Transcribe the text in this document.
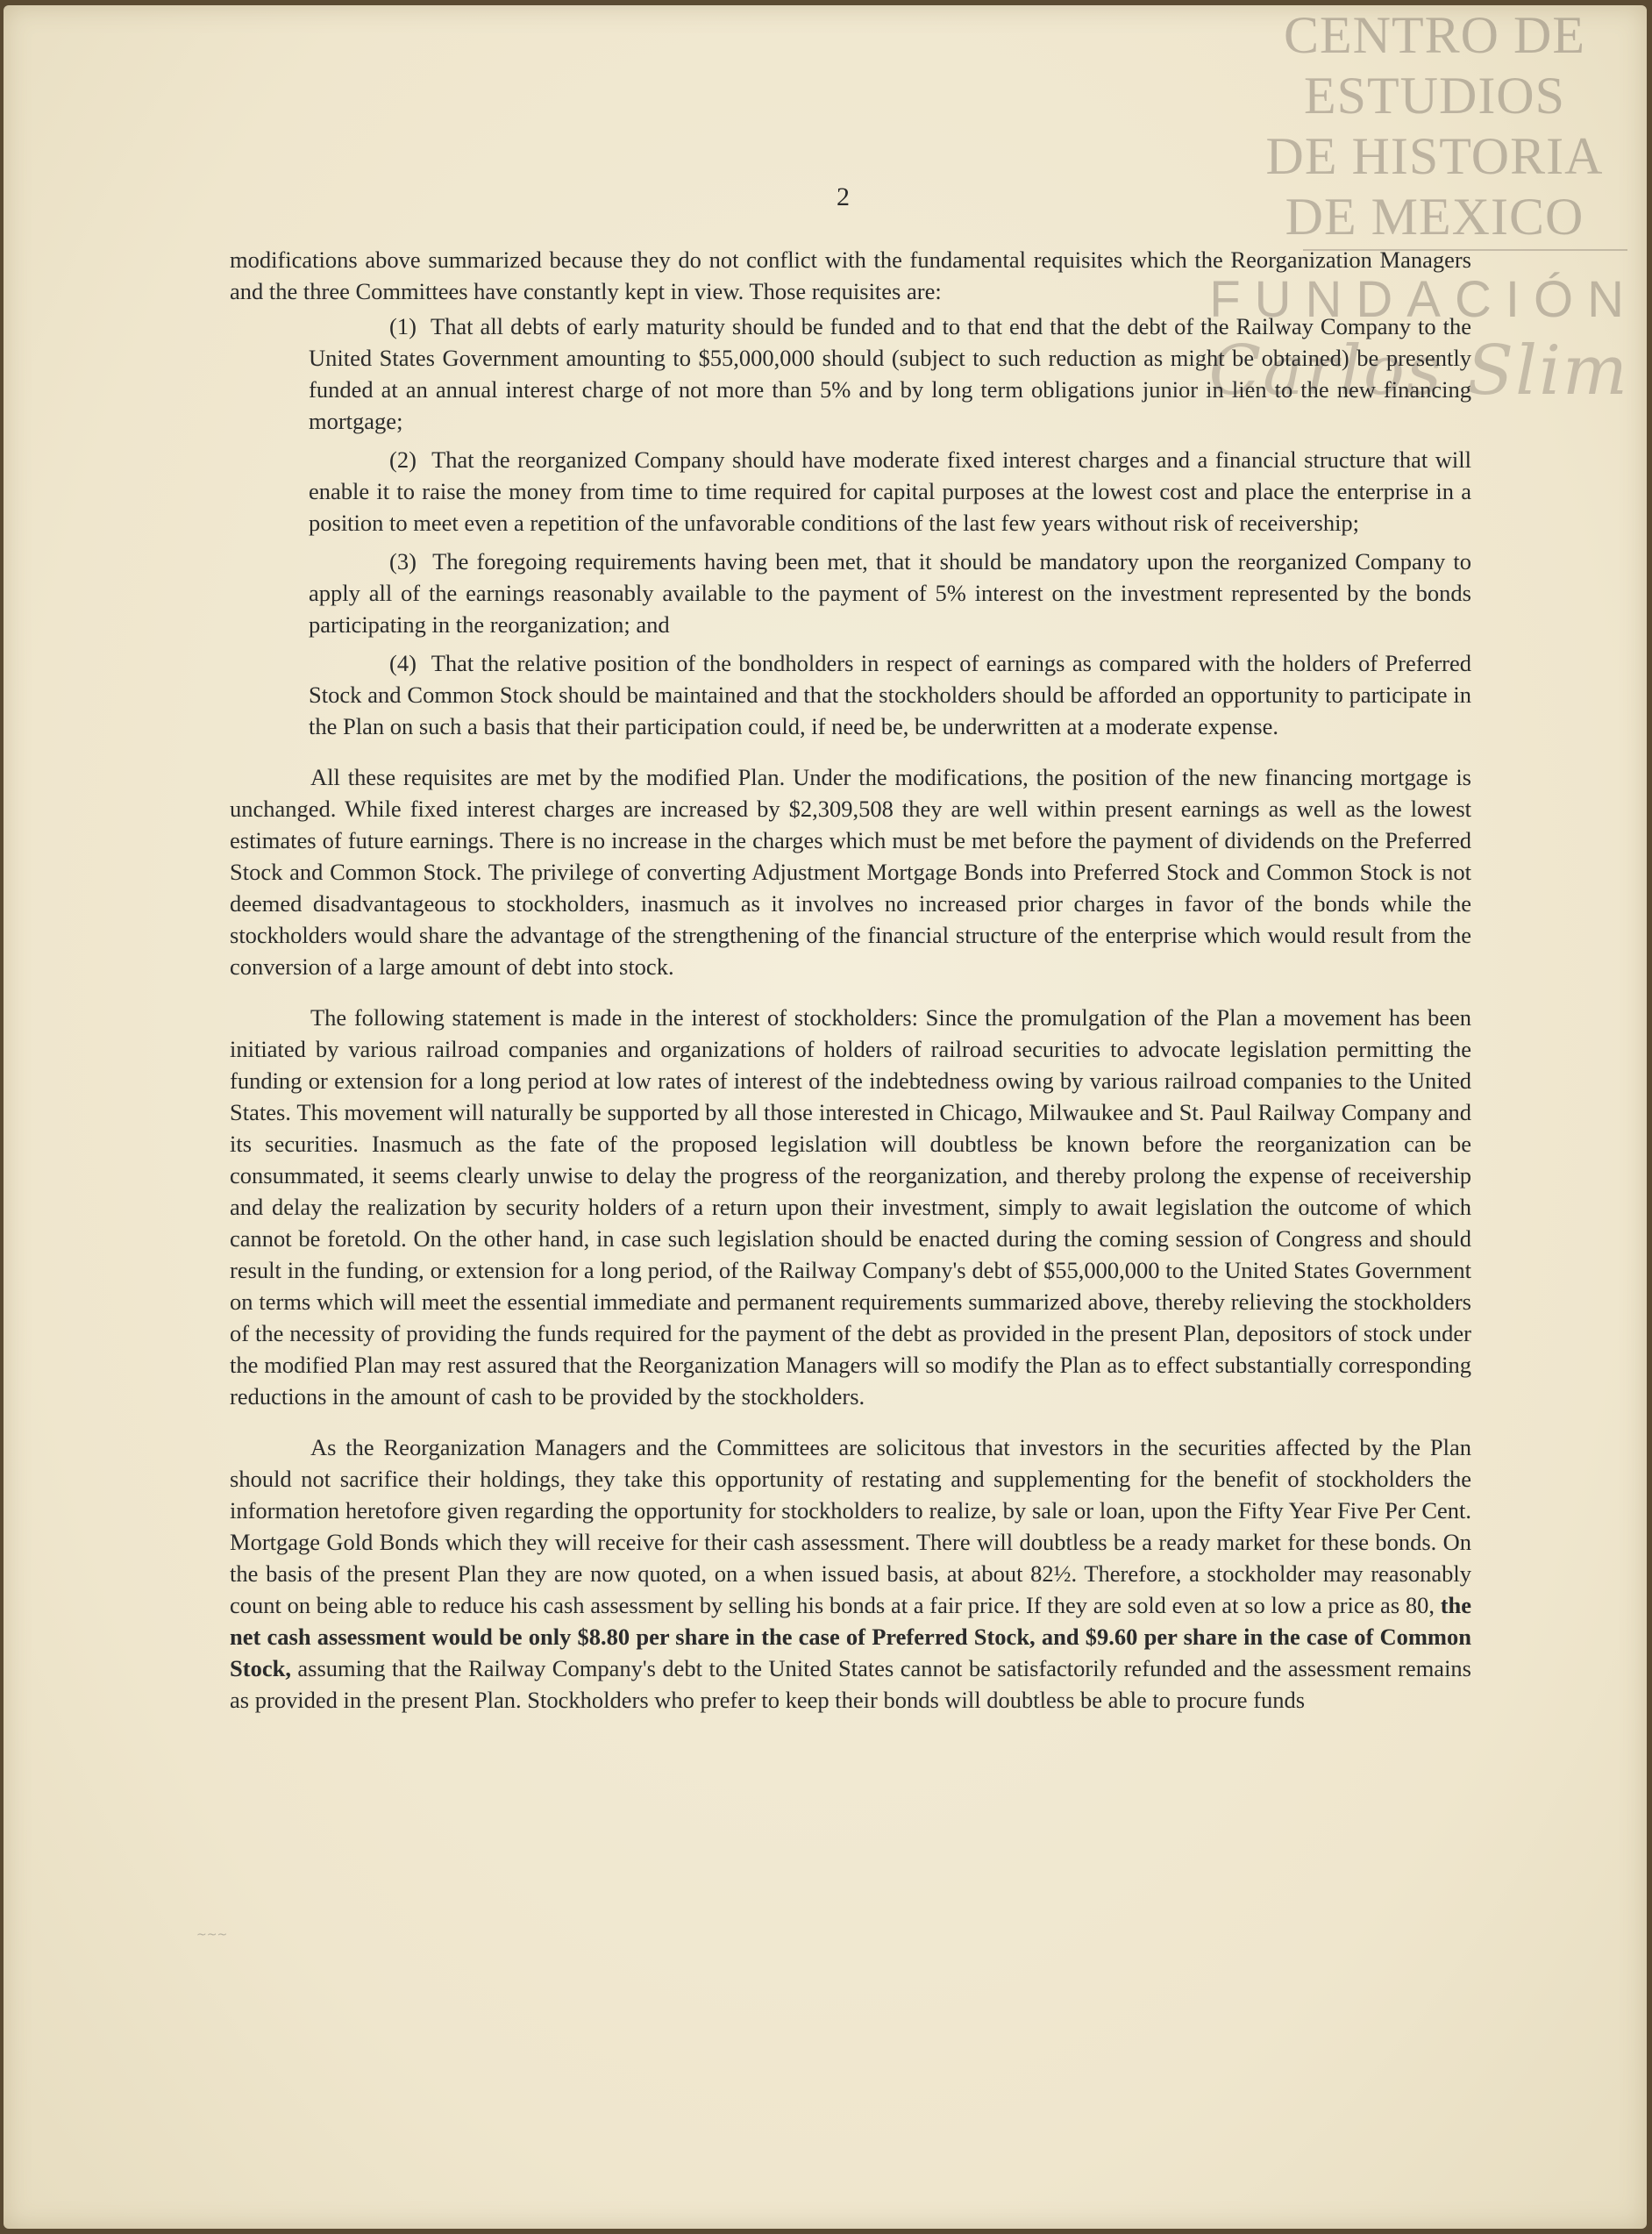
CENTRO DE
ESTUDIOS
DE HISTORIA
DE MEXICO
FUNDACIÓN
Carlos Slim
2

modifications above summarized because they do not conflict with the fundamental requisites which the Reorganization Managers and the three Committees have constantly kept in view. Those requisites are:

(1) That all debts of early maturity should be funded and to that end that the debt of the Railway Company to the United States Government amounting to $55,000,000 should (subject to such reduction as might be obtained) be presently funded at an annual interest charge of not more than 5% and by long term obligations junior in lien to the new financing mortgage;

(2) That the reorganized Company should have moderate fixed interest charges and a financial structure that will enable it to raise the money from time to time required for capital purposes at the lowest cost and place the enterprise in a position to meet even a repetition of the unfavorable conditions of the last few years without risk of receivership;

(3) The foregoing requirements having been met, that it should be mandatory upon the reorganized Company to apply all of the earnings reasonably available to the payment of 5% interest on the investment represented by the bonds participating in the reorganization; and

(4) That the relative position of the bondholders in respect of earnings as compared with the holders of Preferred Stock and Common Stock should be maintained and that the stockholders should be afforded an opportunity to participate in the Plan on such a basis that their participation could, if need be, be underwritten at a moderate expense.

All these requisites are met by the modified Plan. Under the modifications, the position of the new financing mortgage is unchanged. While fixed interest charges are increased by $2,309,508 they are well within present earnings as well as the lowest estimates of future earnings. There is no increase in the charges which must be met before the payment of dividends on the Preferred Stock and Common Stock. The privilege of converting Adjustment Mortgage Bonds into Preferred Stock and Common Stock is not deemed disadvantageous to stockholders, inasmuch as it involves no increased prior charges in favor of the bonds while the stockholders would share the advantage of the strengthening of the financial structure of the enterprise which would result from the conversion of a large amount of debt into stock.

The following statement is made in the interest of stockholders: Since the promulgation of the Plan a movement has been initiated by various railroad companies and organizations of holders of railroad securities to advocate legislation permitting the funding or extension for a long period at low rates of interest of the indebtedness owing by various railroad companies to the United States. This movement will naturally be supported by all those interested in Chicago, Milwaukee and St. Paul Railway Company and its securities. Inasmuch as the fate of the proposed legislation will doubtless be known before the reorganization can be consummated, it seems clearly unwise to delay the progress of the reorganization, and thereby prolong the expense of receivership and delay the realization by security holders of a return upon their investment, simply to await legislation the outcome of which cannot be foretold. On the other hand, in case such legislation should be enacted during the coming session of Congress and should result in the funding, or extension for a long period, of the Railway Company's debt of $55,000,000 to the United States Government on terms which will meet the essential immediate and permanent requirements summarized above, thereby relieving the stockholders of the necessity of providing the funds required for the payment of the debt as provided in the present Plan, depositors of stock under the modified Plan may rest assured that the Reorganization Managers will so modify the Plan as to effect substantially corresponding reductions in the amount of cash to be provided by the stockholders.

As the Reorganization Managers and the Committees are solicitous that investors in the securities affected by the Plan should not sacrifice their holdings, they take this opportunity of restating and supplementing for the benefit of stockholders the information heretofore given regarding the opportunity for stockholders to realize, by sale or loan, upon the Fifty Year Five Per Cent. Mortgage Gold Bonds which they will receive for their cash assessment. There will doubtless be a ready market for these bonds. On the basis of the present Plan they are now quoted, on a when issued basis, at about 82½. Therefore, a stockholder may reasonably count on being able to reduce his cash assessment by selling his bonds at a fair price. If they are sold even at so low a price as 80, the net cash assessment would be only $8.80 per share in the case of Preferred Stock, and $9.60 per share in the case of Common Stock, assuming that the Railway Company's debt to the United States cannot be satisfactorily refunded and the assessment remains as provided in the present Plan. Stockholders who prefer to keep their bonds will doubtless be able to procure funds

~~~
